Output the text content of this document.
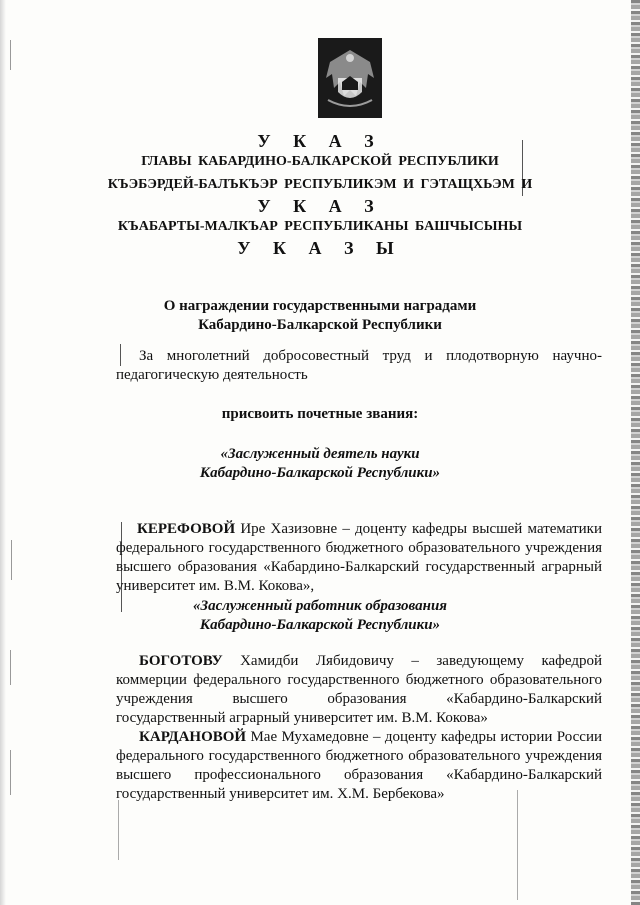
У К А З
ГЛАВЫ КАБАРДИНО-БАЛКАРСКОЙ РЕСПУБЛИКИ
КЪЭБЭРДЕЙ-БАЛЪКЪЭР РЕСПУБЛИКЭМ И ГЭТАЩХЬЭМ И
У К А З
КЪАБАРТЫ-МАЛКЪАР РЕСПУБЛИКАНЫ БАШЧЫСЫНЫ
У К А З Ы
О награждении государственными наградами
Кабардино-Балкарской Республики
За многолетний добросовестный труд и плодотворную научно-педагогическую деятельность
присвоить почетные звания:
«Заслуженный деятель науки
Кабардино-Балкарской Республики»
КЕРЕФОВОЙ Ире Хазизовне – доценту кафедры высшей математики федерального государственного бюджетного образовательного учреждения высшего образования «Кабардино-Балкарский государственный аграрный университет им. В.М. Кокова»,
«Заслуженный работник образования
Кабардино-Балкарской Республики»
БОГОТОВУ Хамидби Лябидовичу – заведующему кафедрой коммерции федерального государственного бюджетного образовательного учреждения высшего образования «Кабардино-Балкарский государственный аграрный университет им. В.М. Кокова»
КАРДАНОВОЙ Мае Мухамедовне – доценту кафедры истории России федерального государственного бюджетного образовательного учреждения высшего профессионального образования «Кабардино-Балкарский государственный университет им. Х.М. Бербекова»
